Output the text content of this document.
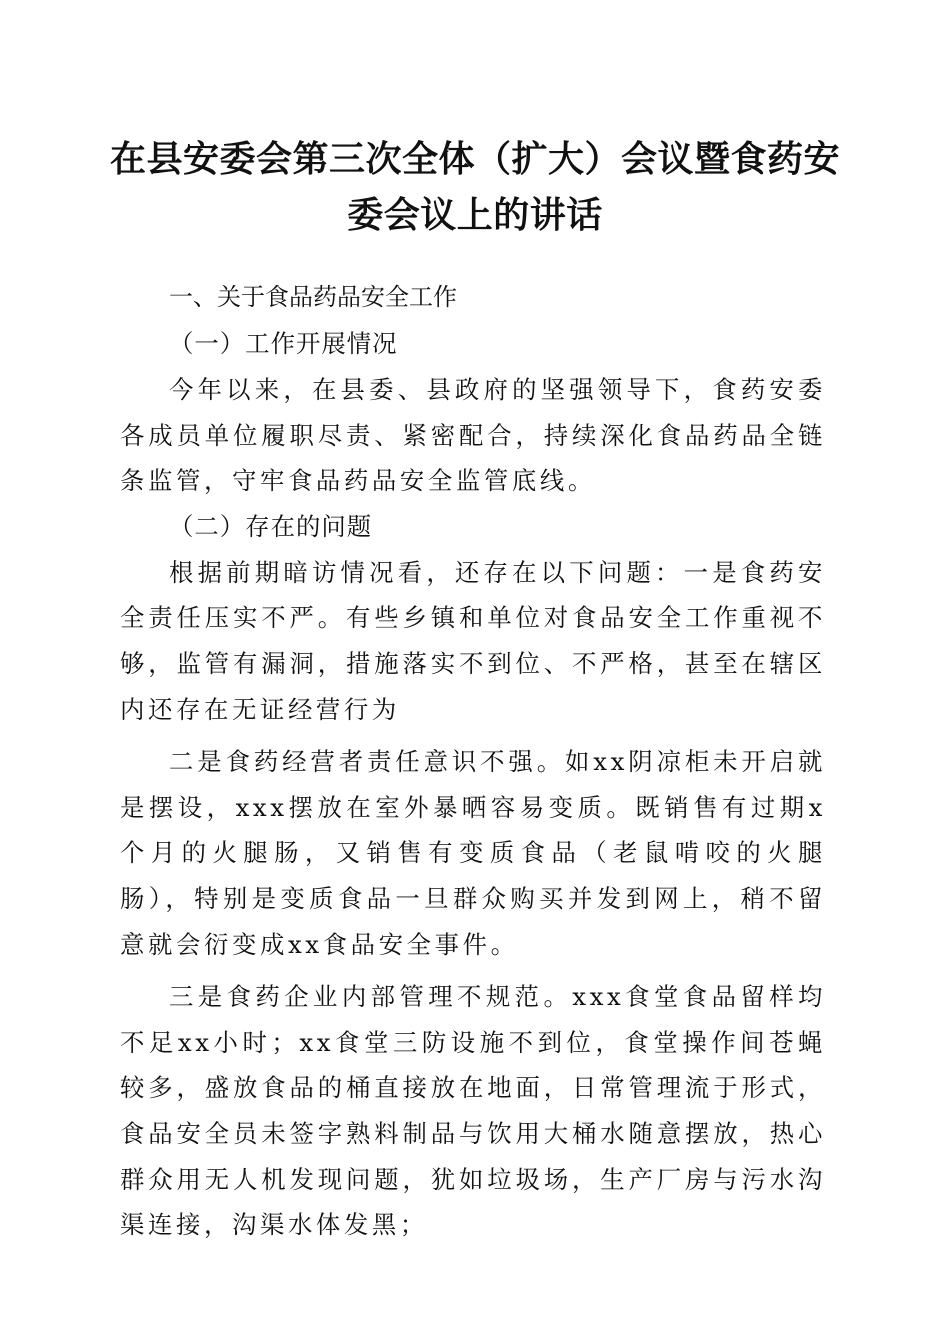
在县安委会第三次全体（扩大）会议暨食药安委会议上的讲话
一、关于食品药品安全工作
（一）工作开展情况

今年以来，在县委、县政府的坚强领导下，食药安委各成员单位履职尽责、紧密配合，持续深化食品药品全链条监管，守牢食品药品安全监管底线。

（二）存在的问题

根据前期暗访情况看，还存在以下问题：一是食药安全责任压实不严。有些乡镇和单位对食品安全工作重视不够，监管有漏洞，措施落实不到位、不严格，甚至在辖区内还存在无证经营行为

二是食药经营者责任意识不强。如xx阴凉柜未开启就是摆设，xxx摆放在室外暴晒容易变质。既销售有过期x个月的火腿肠，又销售有变质食品（老鼠啃咬的火腿肠），特别是变质食品一旦群众购买并发到网上，稍不留意就会衍变成xx食品安全事件。

三是食药企业内部管理不规范。xxx食堂食品留样均不足xx小时；xx食堂三防设施不到位，食堂操作间苍蝇较多，盛放食品的桶直接放在地面，日常管理流于形式，食品安全员未签字熟料制品与饮用大桶水随意摆放，热心群众用无人机发现问题，犹如垃圾场，生产厂房与污水沟渠连接，沟渠水体发黑；
